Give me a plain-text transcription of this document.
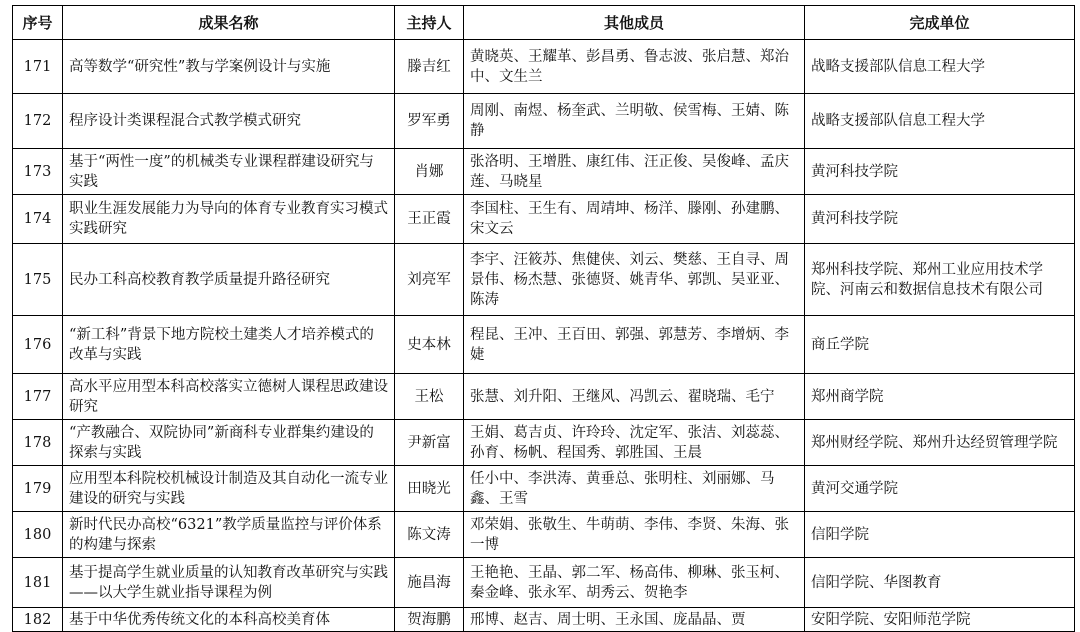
序号	成果名称	主持人	其他成员	完成单位
171	高等数学“研究性”教与学案例设计与实施	滕吉红	黄晓英、王耀革、彭昌勇、鲁志波、张启慧、郑治中、文生兰	战略支援部队信息工程大学
172	程序设计类课程混合式教学模式研究	罗军勇	周刚、南煜、杨奎武、兰明敬、侯雪梅、王婧、陈静	战略支援部队信息工程大学
173	基于“两性一度”的机械类专业课程群建设研究与实践	肖娜	张洛明、王增胜、康红伟、汪正俊、吴俊峰、孟庆莲、马晓星	黄河科技学院
174	职业生涯发展能力为导向的体育专业教育实习模式实践研究	王正霞	李国柱、王生有、周靖坤、杨洋、滕刚、孙建鹏、宋文云	黄河科技学院
175	民办工科高校教育教学质量提升路径研究	刘亮军	李宇、汪筱苏、焦健侠、刘云、樊慈、王自寻、周景伟、杨杰慧、张德贤、姚青华、郭凯、吴亚亚、陈涛	郑州科技学院、郑州工业应用技术学院、河南云和数据信息技术有限公司
176	“新工科”背景下地方院校土建类人才培养模式的改革与实践	史本林	程昆、王冲、王百田、郭强、郭慧芳、李增炳、李婕	商丘学院
177	高水平应用型本科高校落实立德树人课程思政建设研究	王松	张慧、刘升阳、王继风、冯凯云、翟晓瑞、毛宁	郑州商学院
178	“产教融合、双院协同”新商科专业群集约建设的探索与实践	尹新富	王娟、葛吉贞、许玲玲、沈定军、张洁、刘蕊蕊、孙育、杨帆、程国秀、郭胜国、王晨	郑州财经学院、郑州升达经贸管理学院
179	应用型本科院校机械设计制造及其自动化一流专业建设的研究与实践	田晓光	任小中、李洪涛、黄垂总、张明柱、刘丽娜、马鑫、王雪	黄河交通学院
180	新时代民办高校“6321”教学质量监控与评价体系的构建与探索	陈文涛	邓荣娟、张敬生、牛萌萌、李伟、李贤、朱海、张一博	信阳学院
181	基于提高学生就业质量的认知教育改革研究与实践——以大学生就业指导课程为例	施昌海	王艳艳、王晶、郭二军、杨高伟、柳琳、张玉柯、秦金峰、张永军、胡秀云、贺艳李	信阳学院、华图教育
182	基于中华优秀传统文化的本科高校美育体	贺海鹏	邢博、赵吉、周士明、王永国、庞晶晶、贾	安阳学院、安阳师范学院
